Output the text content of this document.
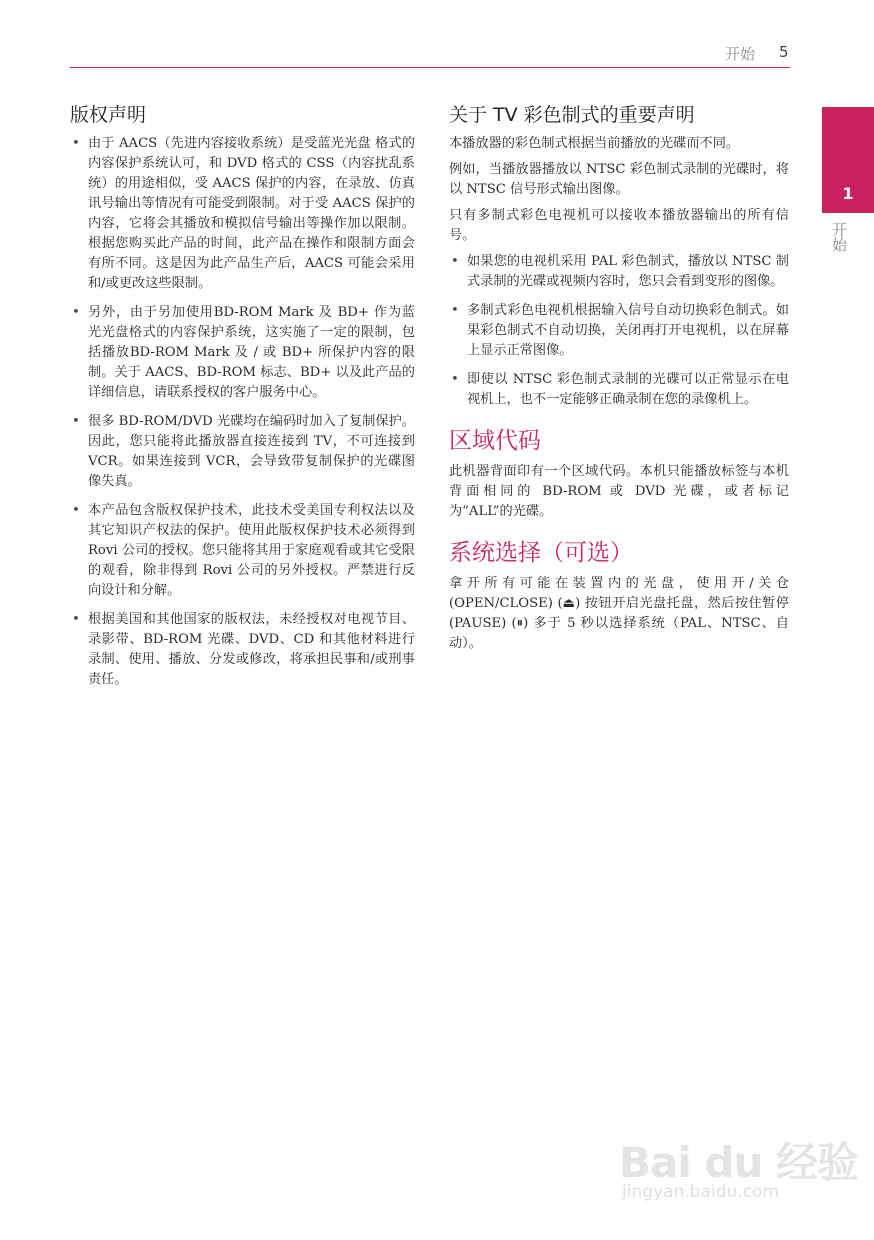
开始 5
1
开始
版权声明
• 由于 AACS（先进内容接收系统）是受蓝光光盘 格式的内容保护系统认可，和 DVD 格式的 CSS（内容扰乱系统）的用途相似，受 AACS 保护的内容，在录放、仿真讯号输出等情况有可能受到限制。对于受 AACS 保护的内容，它将会其播放和模拟信号输出等操作加以限制。根据您购买此产品的时间，此产品在操作和限制方面会有所不同。这是因为此产品生产后，AACS 可能会采用和/或更改这些限制。
• 另外，由于另加使用BD-ROM Mark 及 BD+ 作为蓝光光盘格式的内容保护系统，这实施了一定的限制，包括播放BD-ROM Mark 及 / 或 BD+ 所保护内容的限制。关于 AACS、BD-ROM 标志、BD+ 以及此产品的详细信息，请联系授权的客户服务中心。
• 很多 BD-ROM/DVD 光碟均在编码时加入了复制保护。因此，您只能将此播放器直接连接到 TV，不可连接到 VCR。如果连接到 VCR，会导致带复制保护的光碟图像失真。
• 本产品包含版权保护技术，此技术受美国专利权法以及其它知识产权法的保护。使用此版权保护技术必须得到 Rovi 公司的授权。您只能将其用于家庭观看或其它受限的观看，除非得到 Rovi 公司的另外授权。严禁进行反向设计和分解。
• 根据美国和其他国家的版权法，未经授权对电视节目、录影带、BD-ROM 光碟、DVD、CD 和其他材料进行录制、使用、播放、分发或修改，将承担民事和/或刑事责任。
关于 TV 彩色制式的重要声明

本播放器的彩色制式根据当前播放的光碟而不同。

例如，当播放器播放以 NTSC 彩色制式录制的光碟时，将以 NTSC 信号形式输出图像。

只有多制式彩色电视机可以接收本播放器输出的所有信号。

• 如果您的电视机采用 PAL 彩色制式，播放以 NTSC 制式录制的光碟或视频内容时，您只会看到变形的图像。
• 多制式彩色电视机根据输入信号自动切换彩色制式。如果彩色制式不自动切换，关闭再打开电视机，以在屏幕上显示正常图像。
• 即使以 NTSC 彩色制式录制的光碟可以正常显示在电视机上，也不一定能够正确录制在您的录像机上。
区域代码

此机器背面印有一个区域代码。本机只能播放标签与本机背面相同的 BD-ROM 或 DVD 光碟，或者标记为“ALL”的光碟。

系统选择（可选）

拿开所有可能在装置内的光盘，使用开/关仓 (OPEN/CLOSE) (⏏) 按钮开启光盘托盘，然后按住暂停 (PAUSE) (⏸) 多于 5 秒以选择系统（PAL、NTSC、自动）。

Bai du 经验
jingyan.baidu.com
